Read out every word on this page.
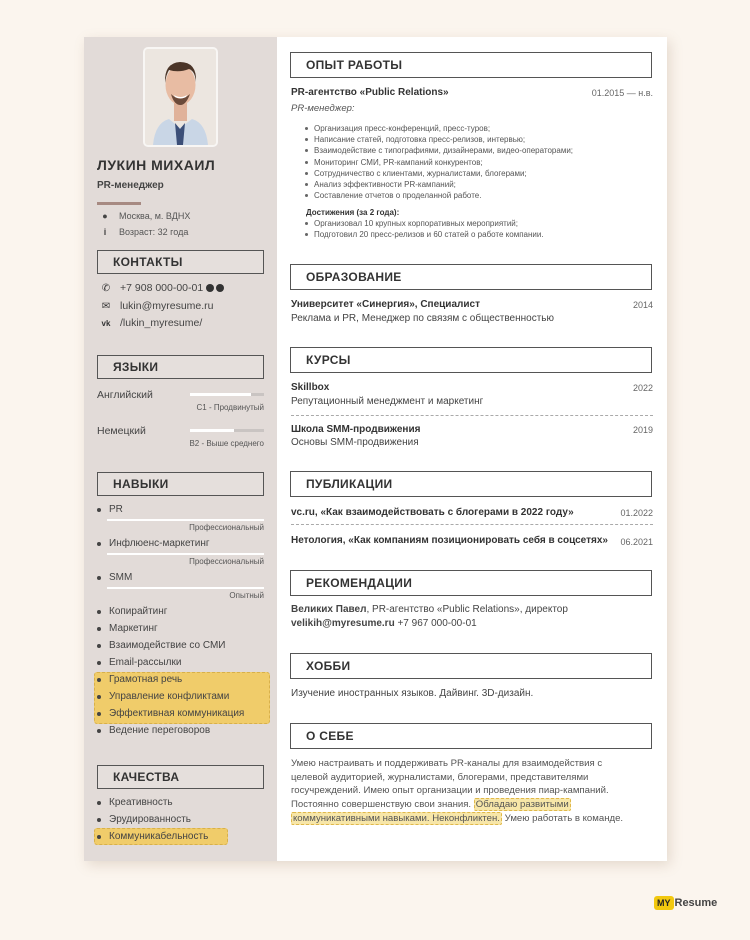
ЛУКИН МИХАИЛ
PR-менеджер
●	Москва, м. ВДНХ
i	Возраст: 32 года
КОНТАКТЫ
✆ +7 908 000-00-01
✉ lukin@myresume.ru
vk /lukin_myresume/
ЯЗЫКИ
Английский
C1 - Продвинутый
Немецкий
B2 - Выше среднего
НАВЫКИ
PR
Профессиональный
Инфлюенс-маркетинг
Профессиональный
SMM
Опытный
Копирайтинг
Маркетинг
Взаимодействие со СМИ
Email-рассылки
Грамотная речь
Управление конфликтами
Эффективная коммуникация
Ведение переговоров
КАЧЕСТВА
Креативность
Эрудированность
Коммуникабельность
ОПЫТ РАБОТЫ
PR-агентство «Public Relations»	01.2015 — н.в.
PR-менеджер:
Организация пресс-конференций, пресс-туров;
Написание статей, подготовка пресс-релизов, интервью;
Взаимодействие с типографиями, дизайнерами, видео-операторами;
Мониторинг СМИ, PR-кампаний конкурентов;
Сотрудничество с клиентами, журналистами, блогерами;
Анализ эффективности PR-кампаний;
Составление отчетов о проделанной работе.
Достижения (за 2 года):
Организовал 10 крупных корпоративных мероприятий;
Подготовил 20 пресс-релизов и 60 статей о работе компании.
ОБРАЗОВАНИЕ
Университет «Синергия», Специалист	2014
Реклама и PR, Менеджер по связям с общественностью
КУРСЫ
Skillbox	2022
Репутационный менеджмент и маркетинг
Школа SMM-продвижения	2019
Основы SMM-продвижения
ПУБЛИКАЦИИ
vc.ru, «Как взаимодействовать с блогерами в 2022 году»	01.2022
Нетология, «Как компаниям позиционировать себя в соцсетях» 06.2021
РЕКОМЕНДАЦИИ
Великих Павел, PR-агентство «Public Relations», директор
velikih@myresume.ru +7 967 000-00-01
ХОББИ
Изучение иностранных языков. Дайвинг. 3D-дизайн.
О СЕБЕ
Умею настраивать и поддерживать PR-каналы для взаимодействия с
целевой аудиторией, журналистами, блогерами, представителями
госучреждений. Имею опыт организации и проведения пиар-кампаний.
Постоянно совершенствую свои знания. Обладаю развитыми
коммуникативными навыками. Неконфликтен. Умею работать в команде.
MY Resume
